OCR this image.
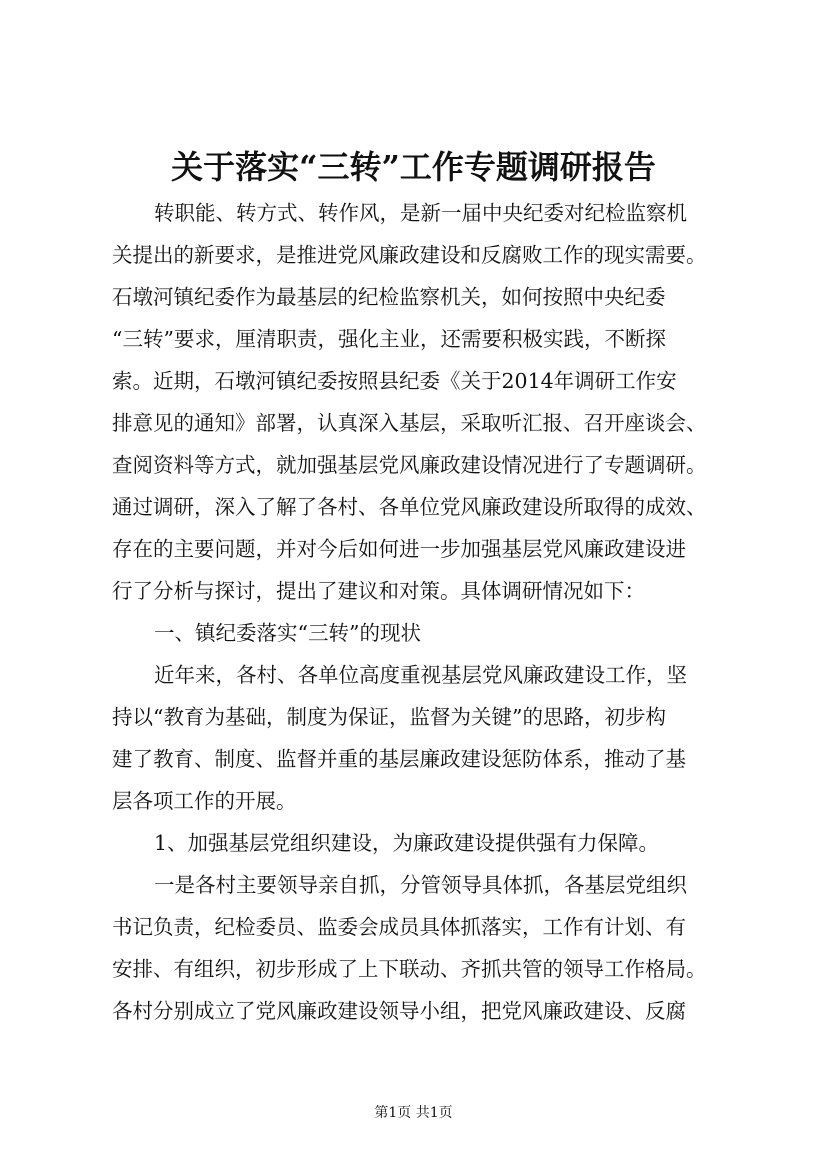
关于落实“三转”工作专题调研报告
转职能、转方式、转作风，是新一届中央纪委对纪检监察机
关提出的新要求，是推进党风廉政建设和反腐败工作的现实需要。
石墩河镇纪委作为最基层的纪检监察机关，如何按照中央纪委
“三转”要求，厘清职责，强化主业，还需要积极实践，不断探
索。近期，石墩河镇纪委按照县纪委《关于2014年调研工作安
排意见的通知》部署，认真深入基层，采取听汇报、召开座谈会、
查阅资料等方式，就加强基层党风廉政建设情况进行了专题调研。
通过调研，深入了解了各村、各单位党风廉政建设所取得的成效、
存在的主要问题，并对今后如何进一步加强基层党风廉政建设进
行了分析与探讨，提出了建议和对策。具体调研情况如下：
一、镇纪委落实“三转”的现状
近年来，各村、各单位高度重视基层党风廉政建设工作，坚
持以“教育为基础，制度为保证，监督为关键”的思路，初步构
建了教育、制度、监督并重的基层廉政建设惩防体系，推动了基
层各项工作的开展。
1、加强基层党组织建设，为廉政建设提供强有力保障。
一是各村主要领导亲自抓，分管领导具体抓，各基层党组织
书记负责，纪检委员、监委会成员具体抓落实，工作有计划、有
安排、有组织，初步形成了上下联动、齐抓共管的领导工作格局。
各村分别成立了党风廉政建设领导小组，把党风廉政建设、反腐
第1页 共1页
